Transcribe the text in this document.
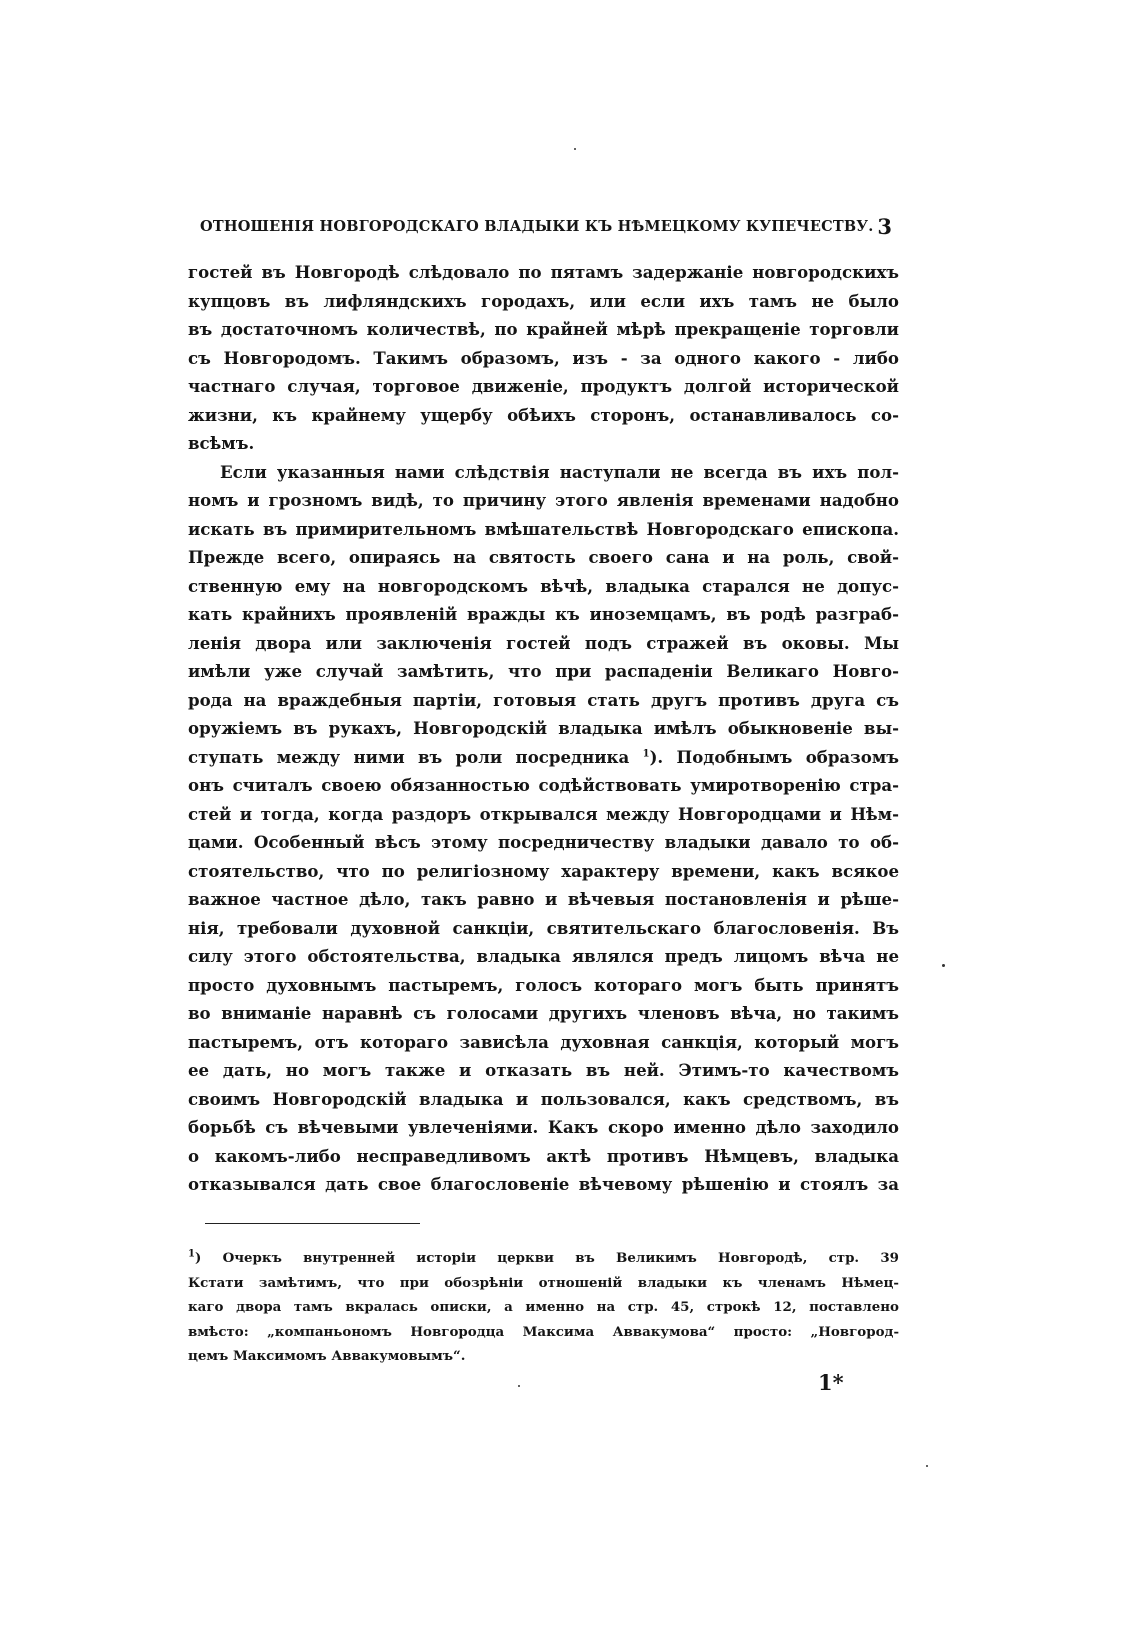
ОТНОШЕНІЯ НОВГОРОДСКАГО ВЛАДЫКИ КЪ НѢМЕЦКОМУ КУПЕЧЕСТВУ. 3
гостей въ Новгородѣ слѣдовало по пятамъ задержаніе новгородскихъ
купцовъ въ лифляндскихъ городахъ, или если ихъ тамъ не было
въ достаточномъ количествѣ, по крайней мѣрѣ прекращеніе торговли
съ Новгородомъ. Такимъ образомъ, изъ - за одного какого - либо
частнаго случая, торговое движеніе, продуктъ долгой исторической
жизни, къ крайнему ущербу обѣихъ сторонъ, останавливалось со-
всѣмъ.
Если указанныя нами слѣдствія наступали не всегда въ ихъ пол-
номъ и грозномъ видѣ, то причину этого явленія временами надобно
искать въ примирительномъ вмѣшательствѣ Новгородскаго епископа.
Прежде всего, опираясь на святость своего сана и на роль, свой-
ственную ему на новгородскомъ вѣчѣ, владыка старался не допус-
кать крайнихъ проявленій вражды къ иноземцамъ, въ родѣ разграб-
ленія двора или заключенія гостей подъ стражей въ оковы. Мы
имѣли уже случай замѣтить, что при распаденіи Великаго Новго-
рода на враждебныя партіи, готовыя стать другъ противъ друга съ
оружіемъ въ рукахъ, Новгородскій владыка имѣлъ обыкновеніе вы-
ступать между ними въ роли посредника $^1$). Подобнымъ образомъ
онъ считалъ своею обязанностью содѣйствовать умиротворенію стра-
стей и тогда, когда раздоръ открывался между Новгородцами и Нѣм-
цами. Особенный вѣсъ этому посредничеству владыки давало то об-
стоятельство, что по религіозному характеру времени, какъ всякое
важное частное дѣло, такъ равно и вѣчевыя постановленія и рѣше-
нія, требовали духовной санкціи, святительскаго благословенія. Въ
силу этого обстоятельства, владыка являлся предъ лицомъ вѣча не
просто духовнымъ пастыремъ, голосъ котораго могъ быть принятъ
во вниманіе наравнѣ съ голосами другихъ членовъ вѣча, но такимъ
пастыремъ, отъ котораго зависѣла духовная санкція, который могъ
ее дать, но могъ также и отказать въ ней. Этимъ-то качествомъ
своимъ Новгородскій владыка и пользовался, какъ средствомъ, въ
борьбѣ съ вѣчевыми увлеченіями. Какъ скоро именно дѣло заходило
о какомъ-либо несправедливомъ актѣ противъ Нѣмцевъ, владыка
отказывался дать свое благословеніе вѣчевому рѣшенію и стоялъ за
$^1$) Очеркъ внутренней исторіи церкви въ Великимъ Новгородѣ, стр. 39
Кстати замѣтимъ, что при обозрѣніи отношеній владыки къ членамъ Нѣмец-
каго двора тамъ вкралась описки, а именно на стр. 45, строкѣ 12, поставлено
вмѣсто: „компаньономъ Новгородца Максима Аввакумова“ просто: „Новгород-
цемъ Максимомъ Аввакумовымъ“.
1*
